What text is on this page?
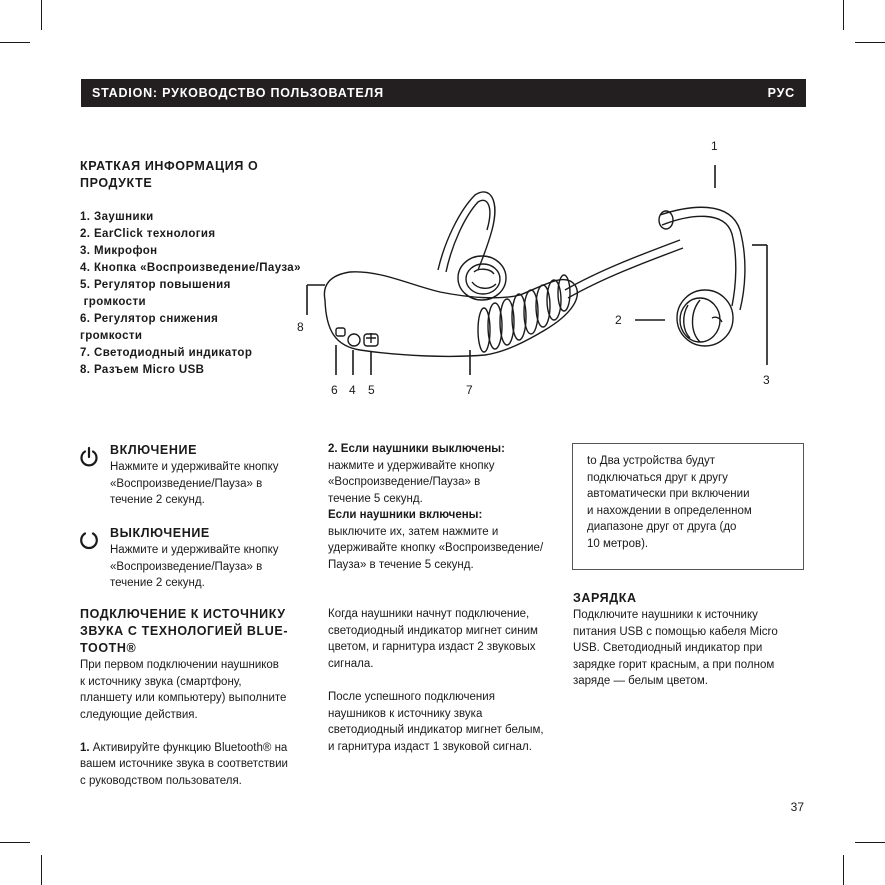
STADION: РУКОВОДСТВО ПОЛЬЗОВАТЕЛЯ	РУС
КРАТКАЯ ИНФОРМАЦИЯ О
ПРОДУКТЕ
1. Заушники
2. EarClick технология
3. Микрофон
4. Кнопка «Воспроизведение/Пауза»
5. Регулятор повышения
громкости
6. Регулятор снижения
громкости
7. Светодиодный индикатор
8. Разъем Micro USB
1
2
3
4 5
6	7
8
ВКЛЮЧЕНИЕ
Нажмите и удерживайте кнопку
«Воспроизведение/Пауза» в
течение 2 секунд.
ВЫКЛЮЧЕНИЕ
Нажмите и удерживайте кнопку
«Воспроизведение/Пауза» в
течение 2 секунд.
ПОДКЛЮЧЕНИЕ К ИСТОЧНИКУ
ЗВУКА С ТЕХНОЛОГИЕЙ BLUE-
TOOTH®
При первом подключении наушников
к источнику звука (смартфону,
планшету или компьютеру) выполните
следующие действия.
1. Активируйте функцию Bluetooth® на
вашем источнике звука в соответствии
с руководством пользователя.
2. Если наушники выключены:
нажмите и удерживайте кнопку
«Воспроизведение/Пауза» в
течение 5 секунд.
Если наушники включены:
выключите их, затем нажмите и
удерживайте кнопку «Воспроизведение/
Пауза» в течение 5 секунд.
Когда наушники начнут подключение,
светодиодный индикатор мигнет синим
цветом, и гарнитура издаст 2 звуковых
сигнала.
После успешного подключения
наушников к источнику звука
светодиодный индикатор мигнет белым,
и гарнитура издаст 1 звуковой сигнал.
to Два устройства будут
подключаться друг к другу
автоматически при включении
и нахождении в определенном
диапазоне друг от друга (до
10 метров).
ЗАРЯДКА
Подключите наушники к источнику
питания USB с помощью кабеля Micro
USB. Светодиодный индикатор при
зарядке горит красным, а при полном
заряде — белым цветом.
37
